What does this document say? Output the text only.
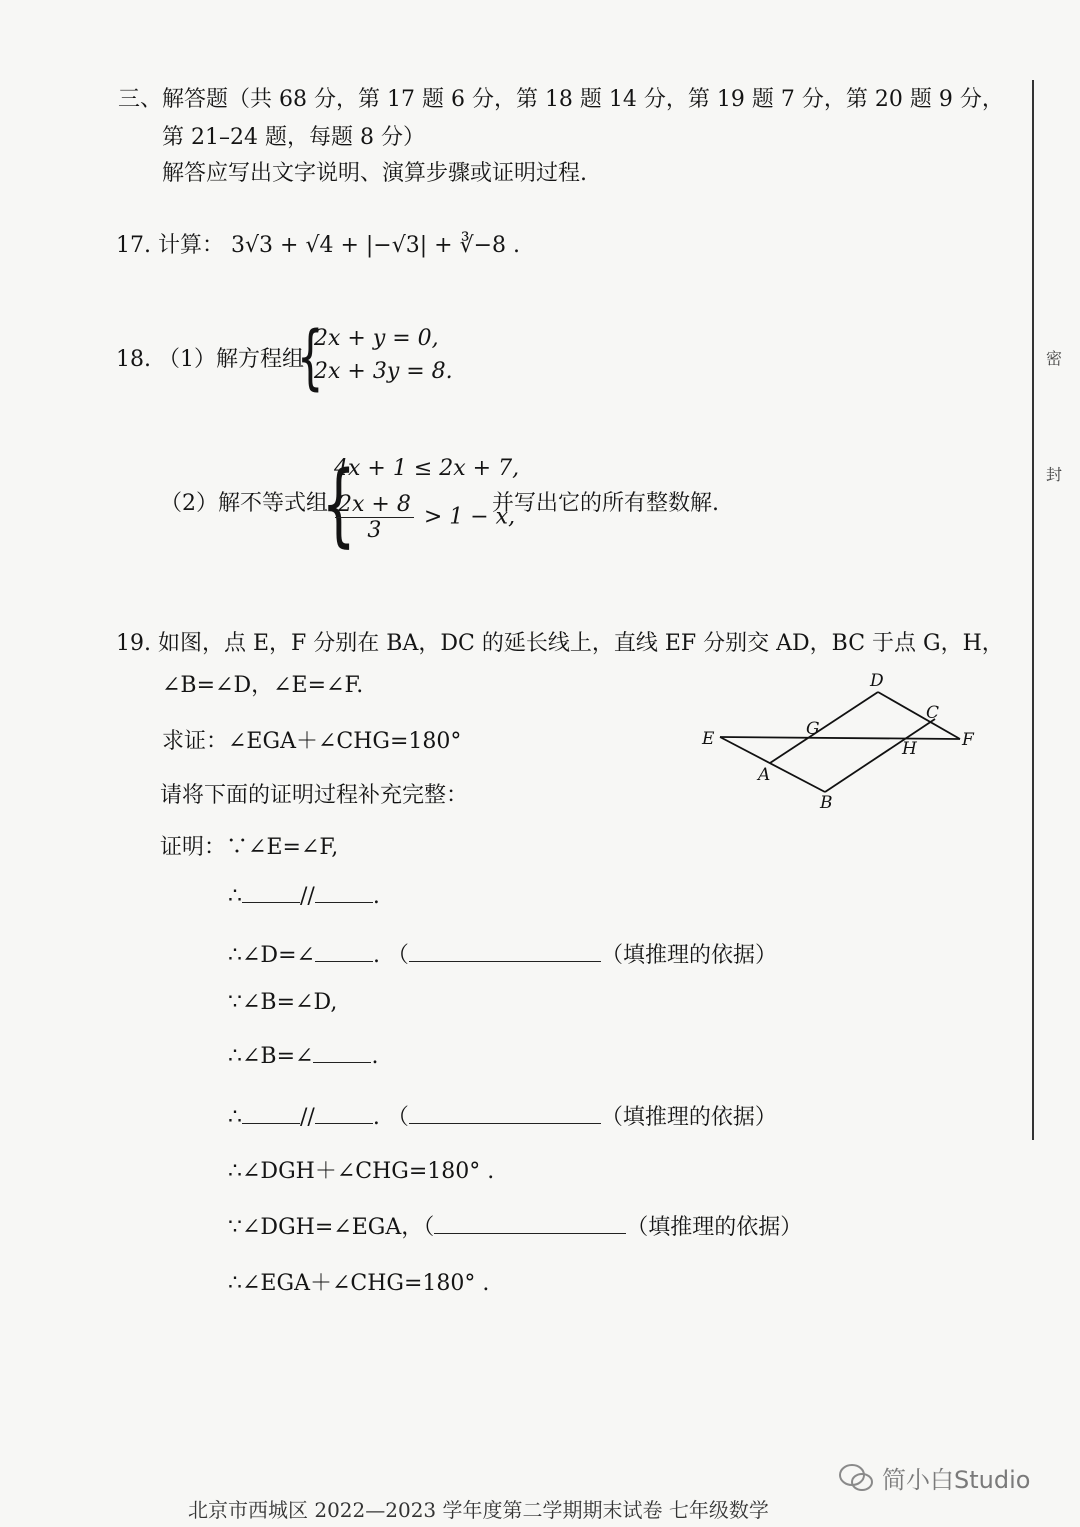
三、解答题（共 68 分，第 17 题 6 分，第 18 题 14 分，第 19 题 7 分，第 20 题 9 分，
第 21–24 题，每题 8 分）
解答应写出文字说明、演算步骤或证明过程.
17. 计算： 3√3 + √4 + |−√3| + ∛−8 .
18. （1）解方程组
{
2x + y = 0,
2x + 3y = 8.
（2）解不等式组
{
4x + 1 ≤ 2x + 7,
$\frac{2x + 8}{3} > 1 - x$,
并写出它的所有整数解.
19. 如图，点 E，F 分别在 BA，DC 的延长线上，直线 EF 分别交 AD，BC 于点 G，H，
∠B=∠D，∠E=∠F.
求证：∠EGA＋∠CHG=180°
请将下面的证明过程补充完整：
D
C
E	G
H	F
A
B
证明：∵∠E=∠F,
∴	//	.
∴∠D=∠	. （	（填推理的依据）
∵∠B=∠D,
∴∠B=∠	.
∴	//	. （	（填推理的依据）
∴∠DGH＋∠CHG=180° .
∵∠DGH=∠EGA，（	（填推理的依据）
∴∠EGA＋∠CHG=180° .
密
封
北京市西城区 2022—2023 学年度第二学期期末试卷 七年级数学
简小白Studio
